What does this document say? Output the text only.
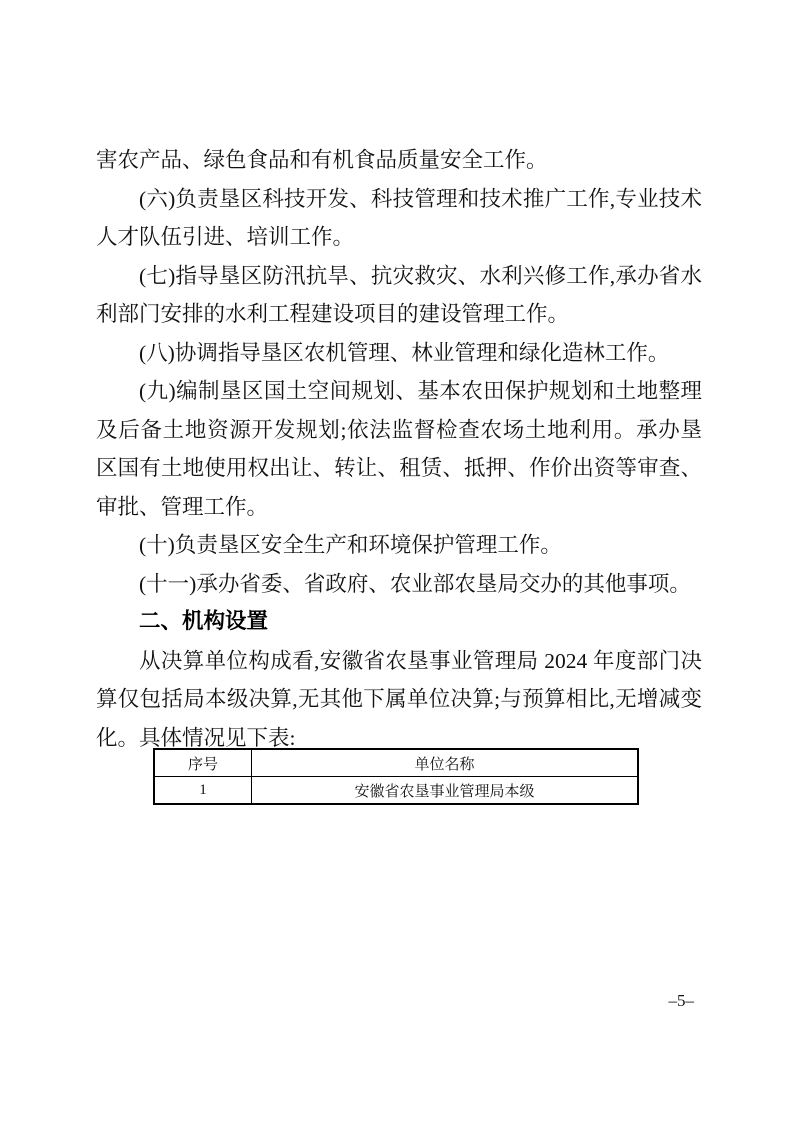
害农产品、绿色食品和有机食品质量安全工作。

(六)负责垦区科技开发、科技管理和技术推广工作,专业技术人才队伍引进、培训工作。

(七)指导垦区防汛抗旱、抗灾救灾、水利兴修工作,承办省水利部门安排的水利工程建设项目的建设管理工作。

(八)协调指导垦区农机管理、林业管理和绿化造林工作。

(九)编制垦区国土空间规划、基本农田保护规划和土地整理及后备土地资源开发规划;依法监督检查农场土地利用。承办垦区国有土地使用权出让、转让、租赁、抵押、作价出资等审查、审批、管理工作。

(十)负责垦区安全生产和环境保护管理工作。

(十一)承办省委、省政府、农业部农垦局交办的其他事项。

二、机构设置

从决算单位构成看,安徽省农垦事业管理局 2024 年度部门决算仅包括局本级决算,无其他下属单位决算;与预算相比,无增减变化。具体情况见下表:

序号	单位名称
1	安徽省农垦事业管理局本级
–5–
